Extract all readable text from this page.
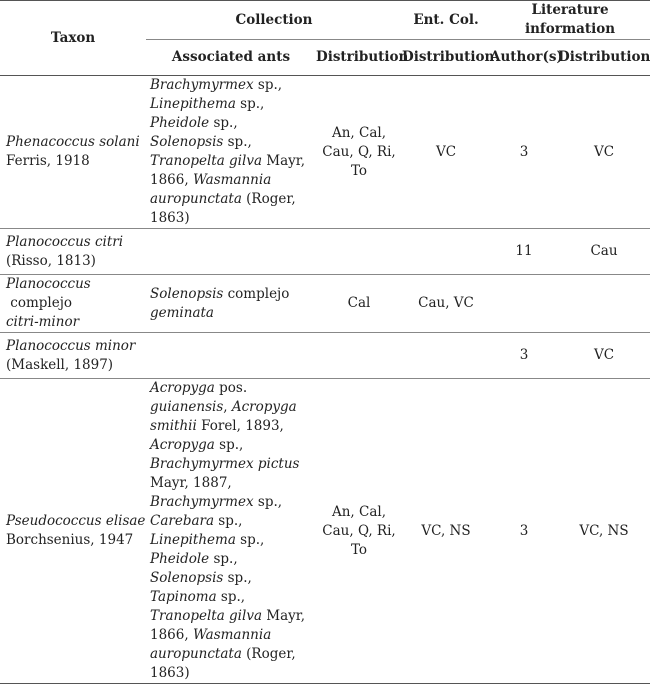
Taxon	Collection		Ent. Col.	Literature information	
	Associated ants	Distribution	Distribution	Author(s)	Distribution
Phenacoccus solani
Ferris, 1918	Brachymyrmex sp., Linepithema sp., Pheidole sp., Solenopsis sp., Tranopelta gilva Mayr, 1866, Wasmannia auropunctata (Roger, 1863)	An, Cal, Cau, Q, Ri, To	VC	3	VC
Planococcus citri
(Risso, 1813)				11	Cau
Planococcus complejo
citri-minor	Solenopsis complejo geminata	Cal	Cau, VC		
Planococcus minor
(Maskell, 1897)				3	VC
Pseudococcus elisae
Borchsenius, 1947	Acropyga pos. guianensis, Acropyga smithii Forel, 1893, Acropyga sp., Brachymyrmex pictus Mayr, 1887, Brachymyrmex sp., Carebara sp., Linepithema sp., Pheidole sp., Solenopsis sp., Tapinoma sp., Tranopelta gilva Mayr, 1866, Wasmannia auropunctata (Roger, 1863)	An, Cal, Cau, Q, Ri, To	VC, NS	3	VC, NS
